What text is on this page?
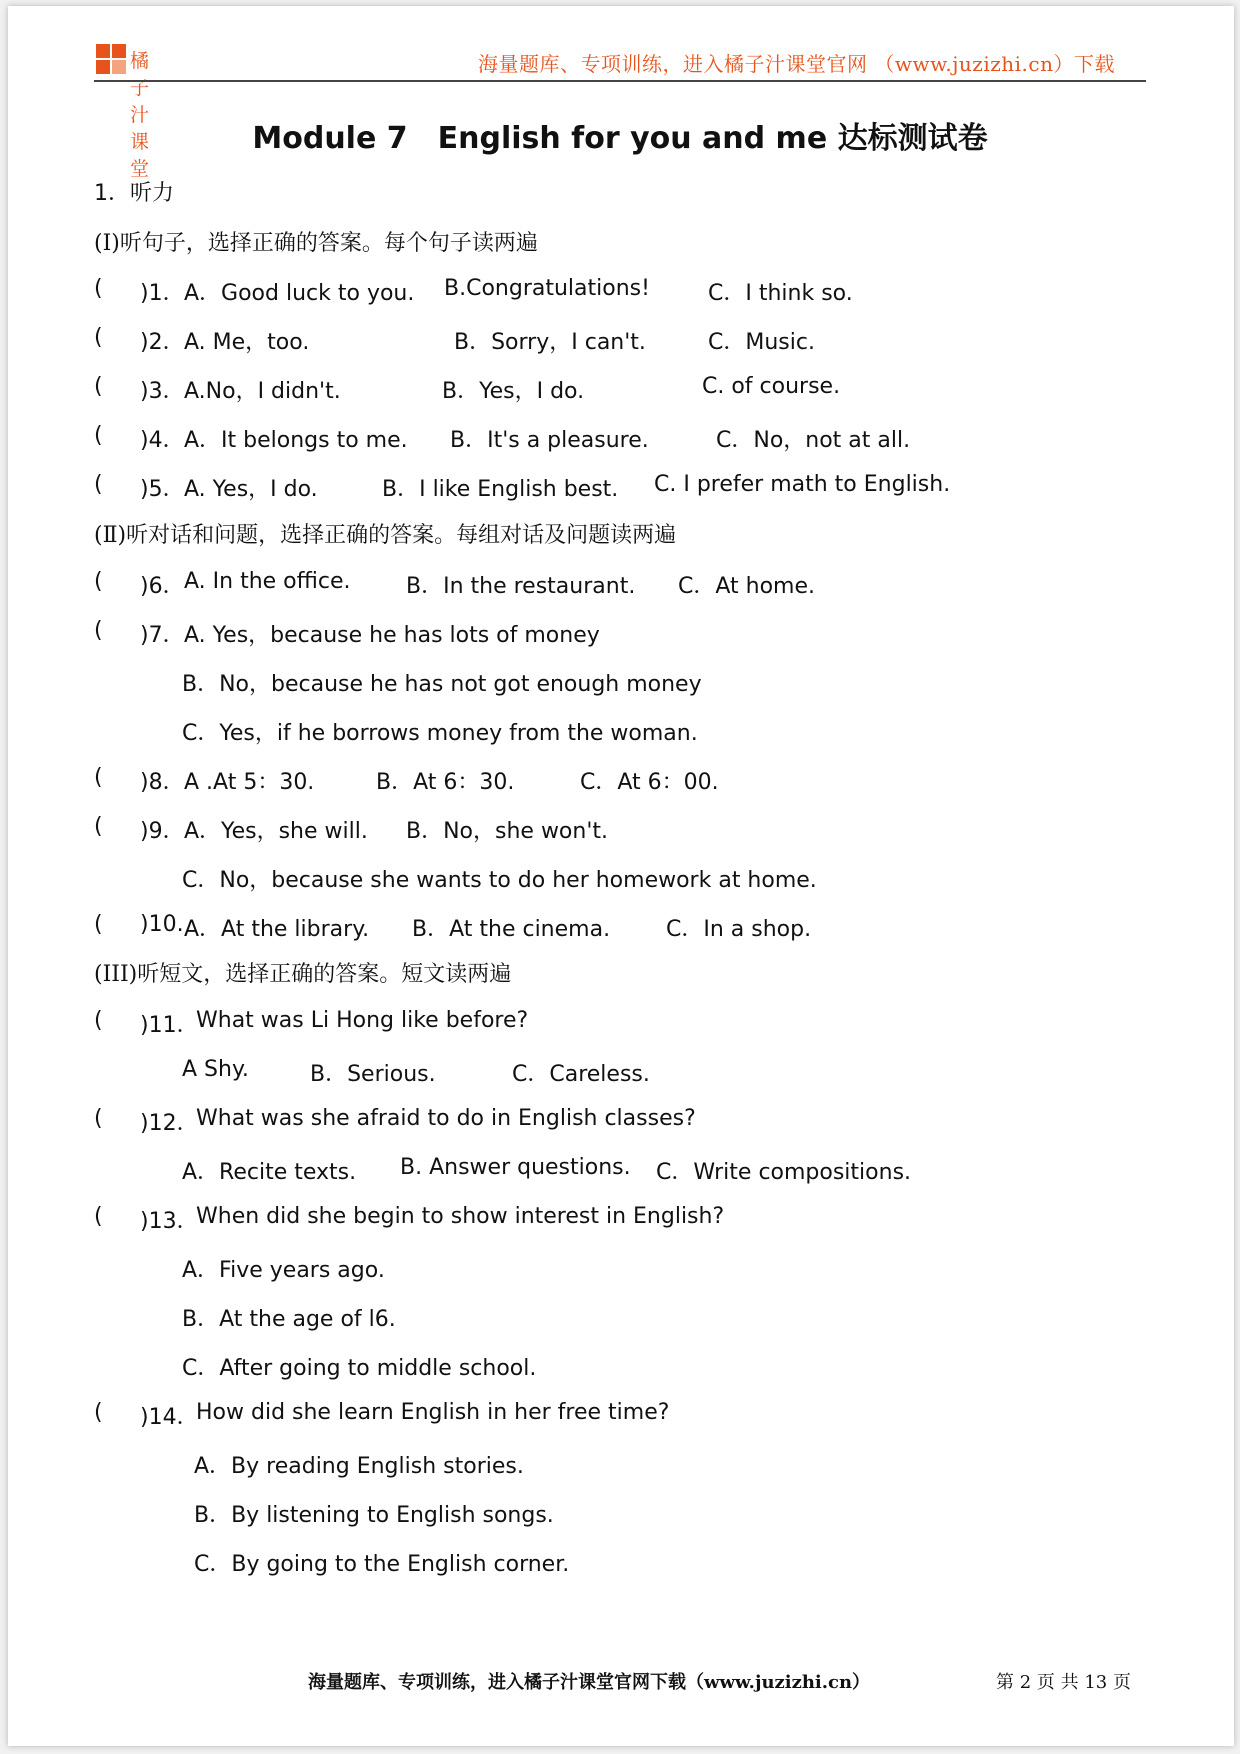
橘子汁课堂
海量题库、专项训练，进入橘子汁课堂官网 （www.juzizhi.cn）下载
Module 7　English for you and me 达标测试卷
1．听力
(I)听句子，选择正确的答案。每个句子读两遍
( )1． A．Good luck to you. B.Congratulations!	C．I think so.
( )2． A. Me，too.	B．Sorry，I can't.	C．Music.
( )3． A.No，I didn't.	B．Yes，I do.	C. of course.
( )4． A．It belongs to me. B．It's a pleasure.	C．No，not at all.
( )5． A. Yes，I do.	B．I like English best. C. I prefer math to English.
(Ⅱ)听对话和问题，选择正确的答案。每组对话及问题读两遍
( )6． A. In the office.	B．In the restaurant. C．At home.
( )7． A. Yes，because he has lots of money
B．No，because he has not got enough money
C．Yes，if he borrows money from the woman.
( )8． A .At 5：30.	B．At 6：30.	C．At 6：00.
( )9． A．Yes，she will. B．No，she won't.
C．No，because she wants to do her homework at home.
( )10. A．At the library. B．At the cinema.	C．In a shop.
(III)听短文，选择正确的答案。短文读两遍
( )11．
What was Li Hong like before?
A Shy.	B．Serious.	C．Careless.
( )12．
What was she afraid to do in English classes?
A．Recite texts. B. Answer questions. C．Write compositions.
( )13．
When did she begin to show interest in English?
A．Five years ago.
B．At the age of l6.
C．After going to middle school.
( )14．
How did she learn English in her free time?
A．By reading English stories.
B．By listening to English songs.
C．By going to the English corner.
海量题库、专项训练，进入橘子汁课堂官网下载（www.juzizhi.cn）	第 2 页 共 13 页
